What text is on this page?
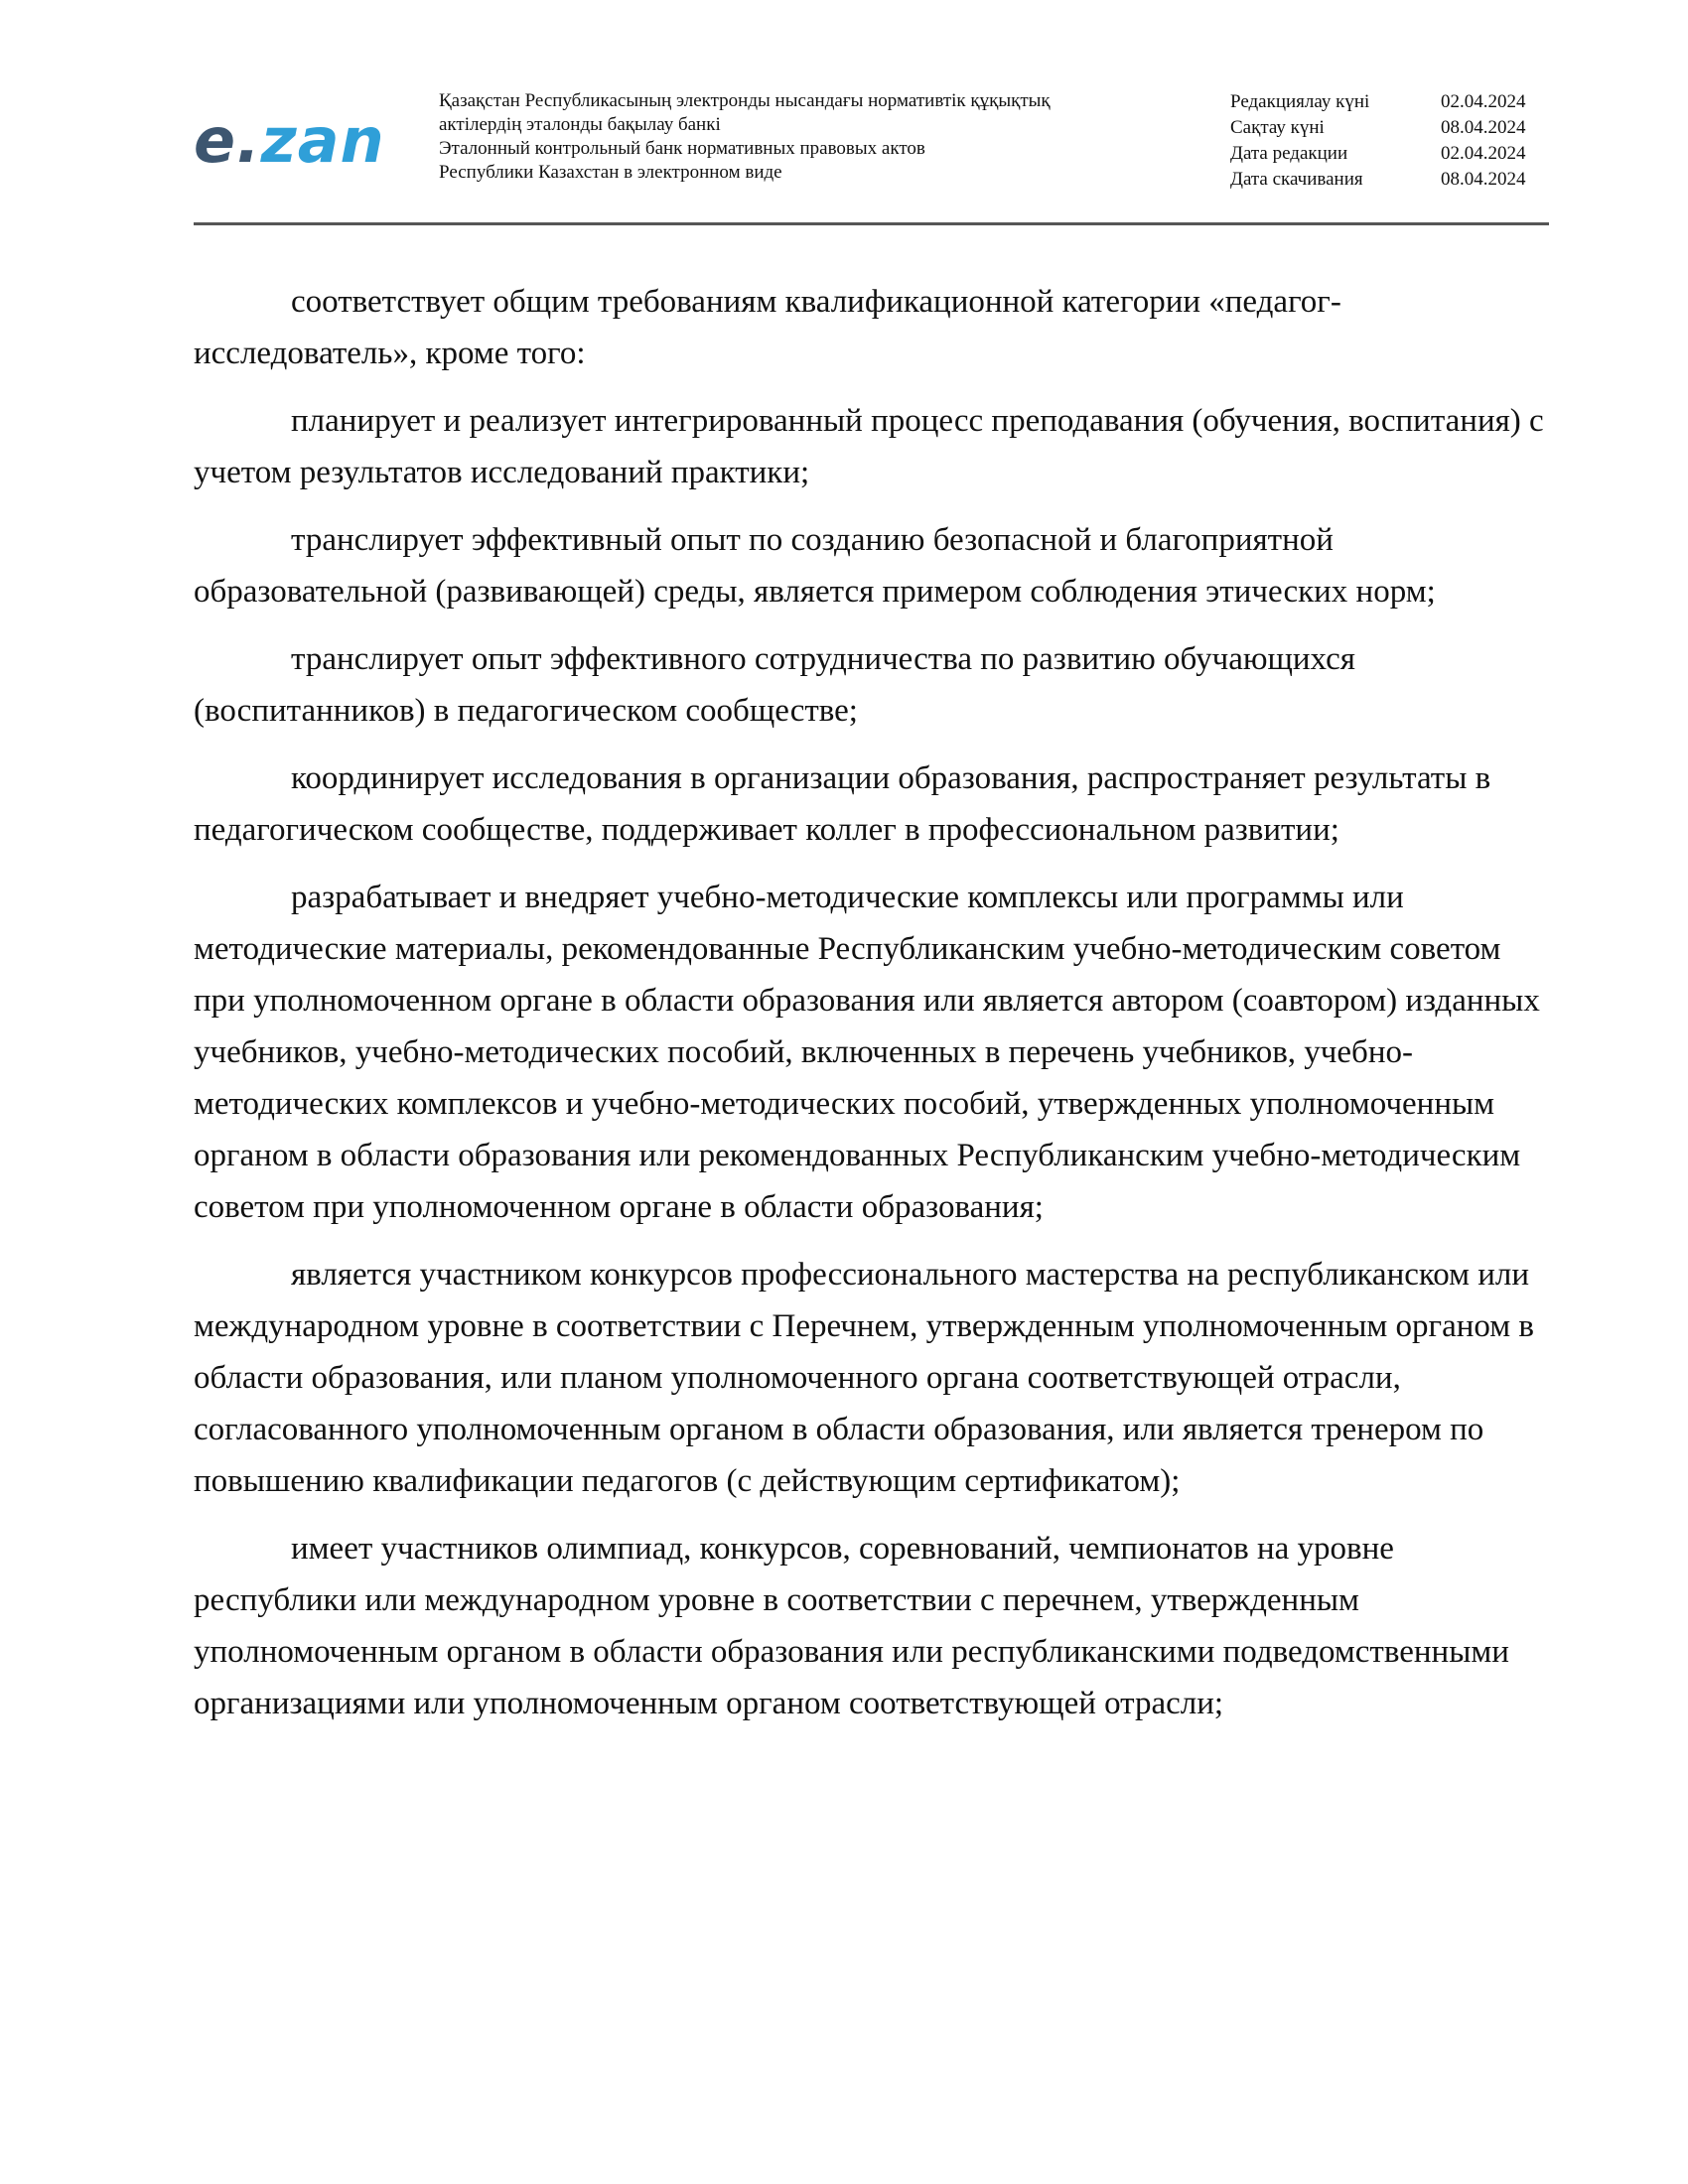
e.zan
Қазақстан Республикасының электронды нысандағы нормативтік құқықтық
актілердің эталонды бақылау банкі
Эталонный контрольный банк нормативных правовых актов
Республики Казахстан в электронном виде
Редакциялау күні	02.04.2024
Сақтау күні	08.04.2024
Дата редакции	02.04.2024
Дата скачивания	08.04.2024

соответствует общим требованиям квалификационной категории «педагог-исследователь», кроме того:

планирует и реализует интегрированный процесс преподавания (обучения, воспитания) с учетом результатов исследований практики;

транслирует эффективный опыт по созданию безопасной и благоприятной образовательной (развивающей) среды, является примером соблюдения этических норм;

транслирует опыт эффективного сотрудничества по развитию обучающихся (воспитанников) в педагогическом сообществе;

координирует исследования в организации образования, распространяет результаты в педагогическом сообществе, поддерживает коллег в профессиональном развитии;

разрабатывает и внедряет учебно-методические комплексы или программы или методические материалы, рекомендованные Республиканским учебно-методическим советом при уполномоченном органе в области образования или является автором (соавтором) изданных учебников, учебно-методических пособий, включенных в перечень учебников, учебно-методических комплексов и учебно-методических пособий, утвержденных уполномоченным органом в области образования или рекомендованных Республиканским учебно-методическим советом при уполномоченном органе в области образования;

является участником конкурсов профессионального мастерства на республиканском или международном уровне в соответствии с Перечнем, утвержденным уполномоченным органом в области образования, или планом уполномоченного органа соответствующей отрасли, согласованного уполномоченным органом в области образования, или является тренером по повышению квалификации педагогов (с действующим сертификатом);

имеет участников олимпиад, конкурсов, соревнований, чемпионатов на уровне республики или международном уровне в соответствии с перечнем, утвержденным уполномоченным органом в области образования или республиканскими подведомственными организациями или уполномоченным органом соответствующей отрасли;
